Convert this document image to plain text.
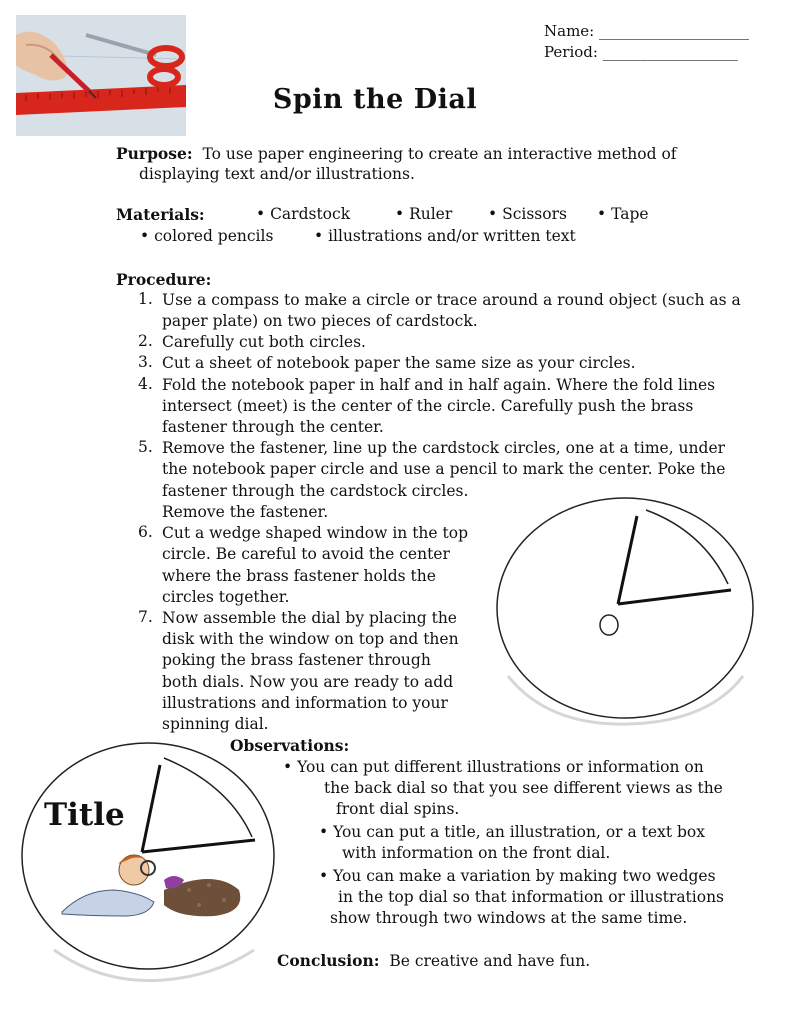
Name: ____________________
Period: __________________
Spin the Dial
Purpose: To use paper engineering to create an interactive method of
displaying text and/or illustrations.
Materials:	• Cardstock	• Ruler • Scissors • Tape
• colored pencils	• illustrations and/or written text
Procedure:
1. Use a compass to make a circle or trace around a round object (such as a
paper plate) on two pieces of cardstock.
2. Carefully cut both circles.
3. Cut a sheet of notebook paper the same size as your circles.
4. Fold the notebook paper in half and in half again. Where the fold lines
intersect (meet) is the center of the circle. Carefully push the brass
fastener through the center.
5. Remove the fastener, line up the cardstock circles, one at a time, under
the notebook paper circle and use a pencil to mark the center. Poke the
fastener through the cardstock circles.
Remove the fastener.
6. Cut a wedge shaped window in the top
circle. Be careful to avoid the center
where the brass fastener holds the
circles together.
7. Now assemble the dial by placing the
disk with the window on top and then
poking the brass fastener through
both dials. Now you are ready to add
illustrations and information to your
spinning dial.
Observations:
• You can put different illustrations or information on
the back dial so that you see different views as the
front dial spins.
• You can put a title, an illustration, or a text box
with information on the front dial.
• You can make a variation by making two wedges
in the top dial so that information or illustrations
show through two windows at the same time.
Title
Conclusion: Be creative and have fun.
